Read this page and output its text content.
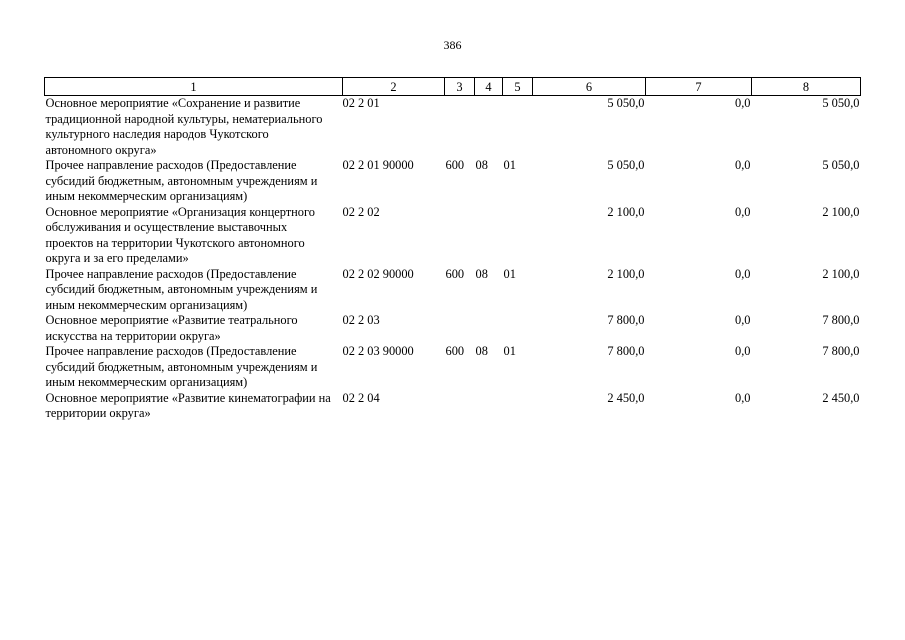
386
1	2	3	4	5	6	7	8
Основное мероприятие «Сохранение и развитие традиционной народной культуры, нематериального культурного наследия народов Чукотского автономного округа»	02 2 01				5 050,0	0,0	5 050,0
Прочее направление расходов (Предоставление субсидий бюджетным, автономным учреждениям и иным некоммерческим организациям)	02 2 01 90000	600	08	01	5 050,0	0,0	5 050,0
Основное мероприятие «Организация концертного обслуживания и осуществление выставочных проектов на территории Чукотского автономного округа и за его пределами»	02 2 02				2 100,0	0,0	2 100,0
Прочее направление расходов (Предоставление субсидий бюджетным, автономным учреждениям и иным некоммерческим организациям)	02 2 02 90000	600	08	01	2 100,0	0,0	2 100,0
Основное мероприятие «Развитие театрального искусства на территории округа»	02 2 03				7 800,0	0,0	7 800,0
Прочее направление расходов (Предоставление субсидий бюджетным, автономным учреждениям и иным некоммерческим организациям)	02 2 03 90000	600	08	01	7 800,0	0,0	7 800,0
Основное мероприятие «Развитие кинематографии на территории округа»	02 2 04				2 450,0	0,0	2 450,0
